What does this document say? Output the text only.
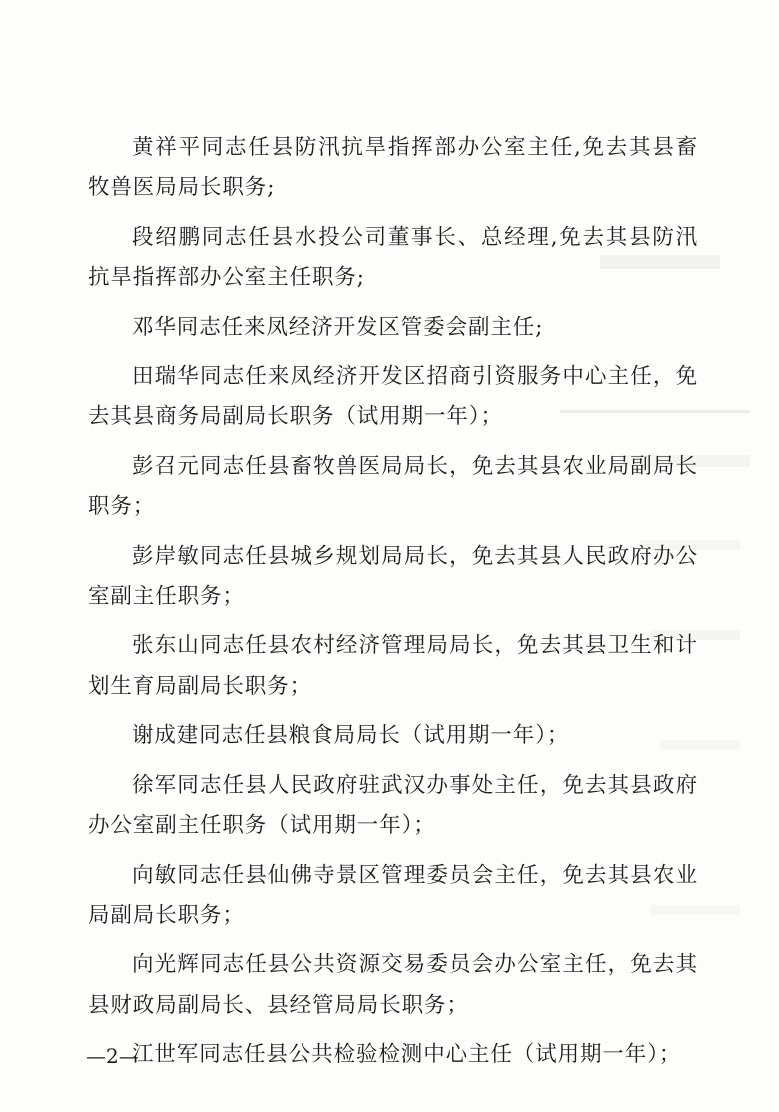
黄祥平同志任县防汛抗旱指挥部办公室主任,免去其县畜牧兽医局局长职务;

段绍鹏同志任县水投公司董事长、总经理,免去其县防汛抗旱指挥部办公室主任职务;

邓华同志任来凤经济开发区管委会副主任;

田瑞华同志任来凤经济开发区招商引资服务中心主任，免去其县商务局副局长职务（试用期一年）；

彭召元同志任县畜牧兽医局局长，免去其县农业局副局长职务；

彭岸敏同志任县城乡规划局局长，免去其县人民政府办公室副主任职务；

张东山同志任县农村经济管理局局长，免去其县卫生和计划生育局副局长职务；

谢成建同志任县粮食局局长（试用期一年）；

徐军同志任县人民政府驻武汉办事处主任，免去其县政府办公室副主任职务（试用期一年）；

向敏同志任县仙佛寺景区管理委员会主任，免去其县农业局副局长职务；

向光辉同志任县公共资源交易委员会办公室主任，免去其县财政局副局长、县经管局局长职务；

江世军同志任县公共检验检测中心主任（试用期一年）；

—2—
